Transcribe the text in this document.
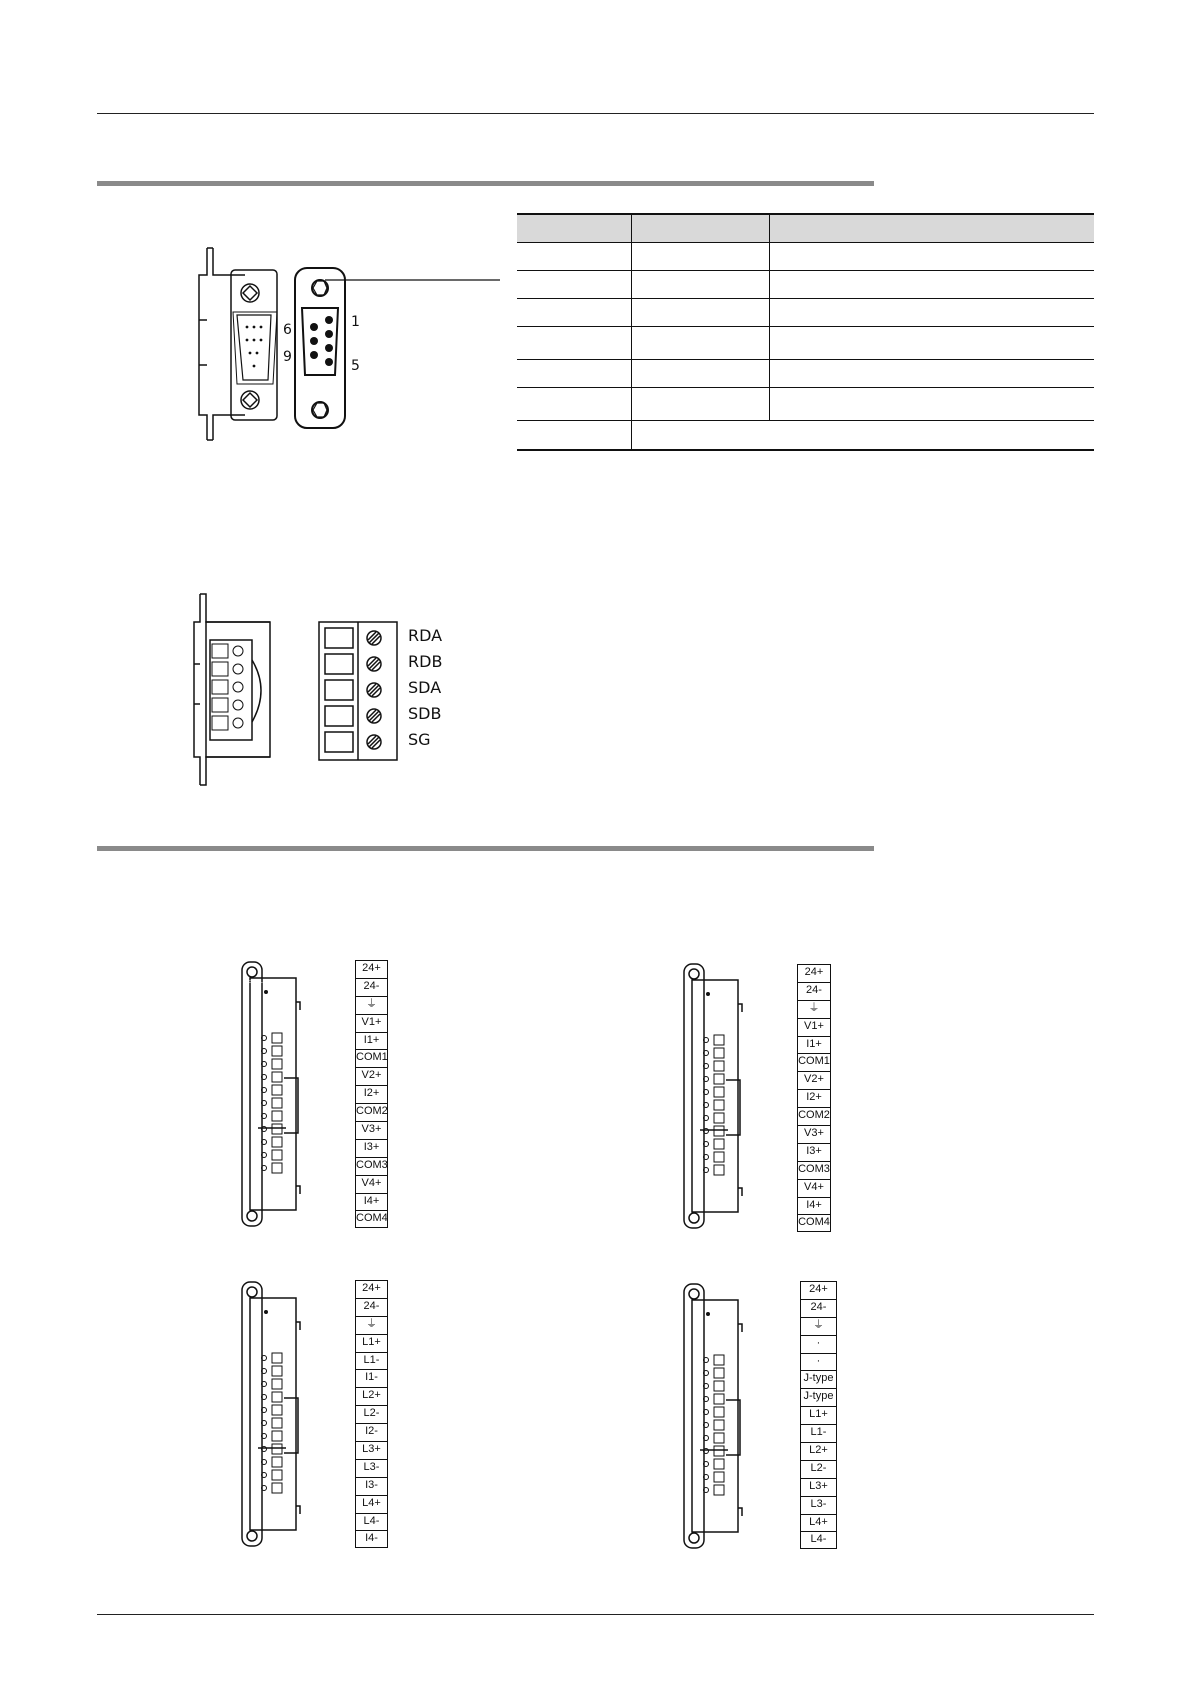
6
9
1
5

RDA
RDB
SDA
SDB
SG
FX3U-4AD-ADP
24+
24-
⏚
V1+
I1+
COM1
V2+
I2+
COM2
V3+
I3+
COM3
V4+
I4+
COM4
24+
24-
⏚
V1+
I1+
COM1
V2+
I2+
COM2
V3+
I3+
COM3
V4+
I4+
COM4
24+
24-
⏚
L1+
L1-
I1-
L2+
L2-
I2-
L3+
L3-
I3-
L4+
L4-
I4-
24+
24-
⏚
·
·
J-type
J-type
L1+
L1-
L2+
L2-
L3+
L3-
L4+
L4-
